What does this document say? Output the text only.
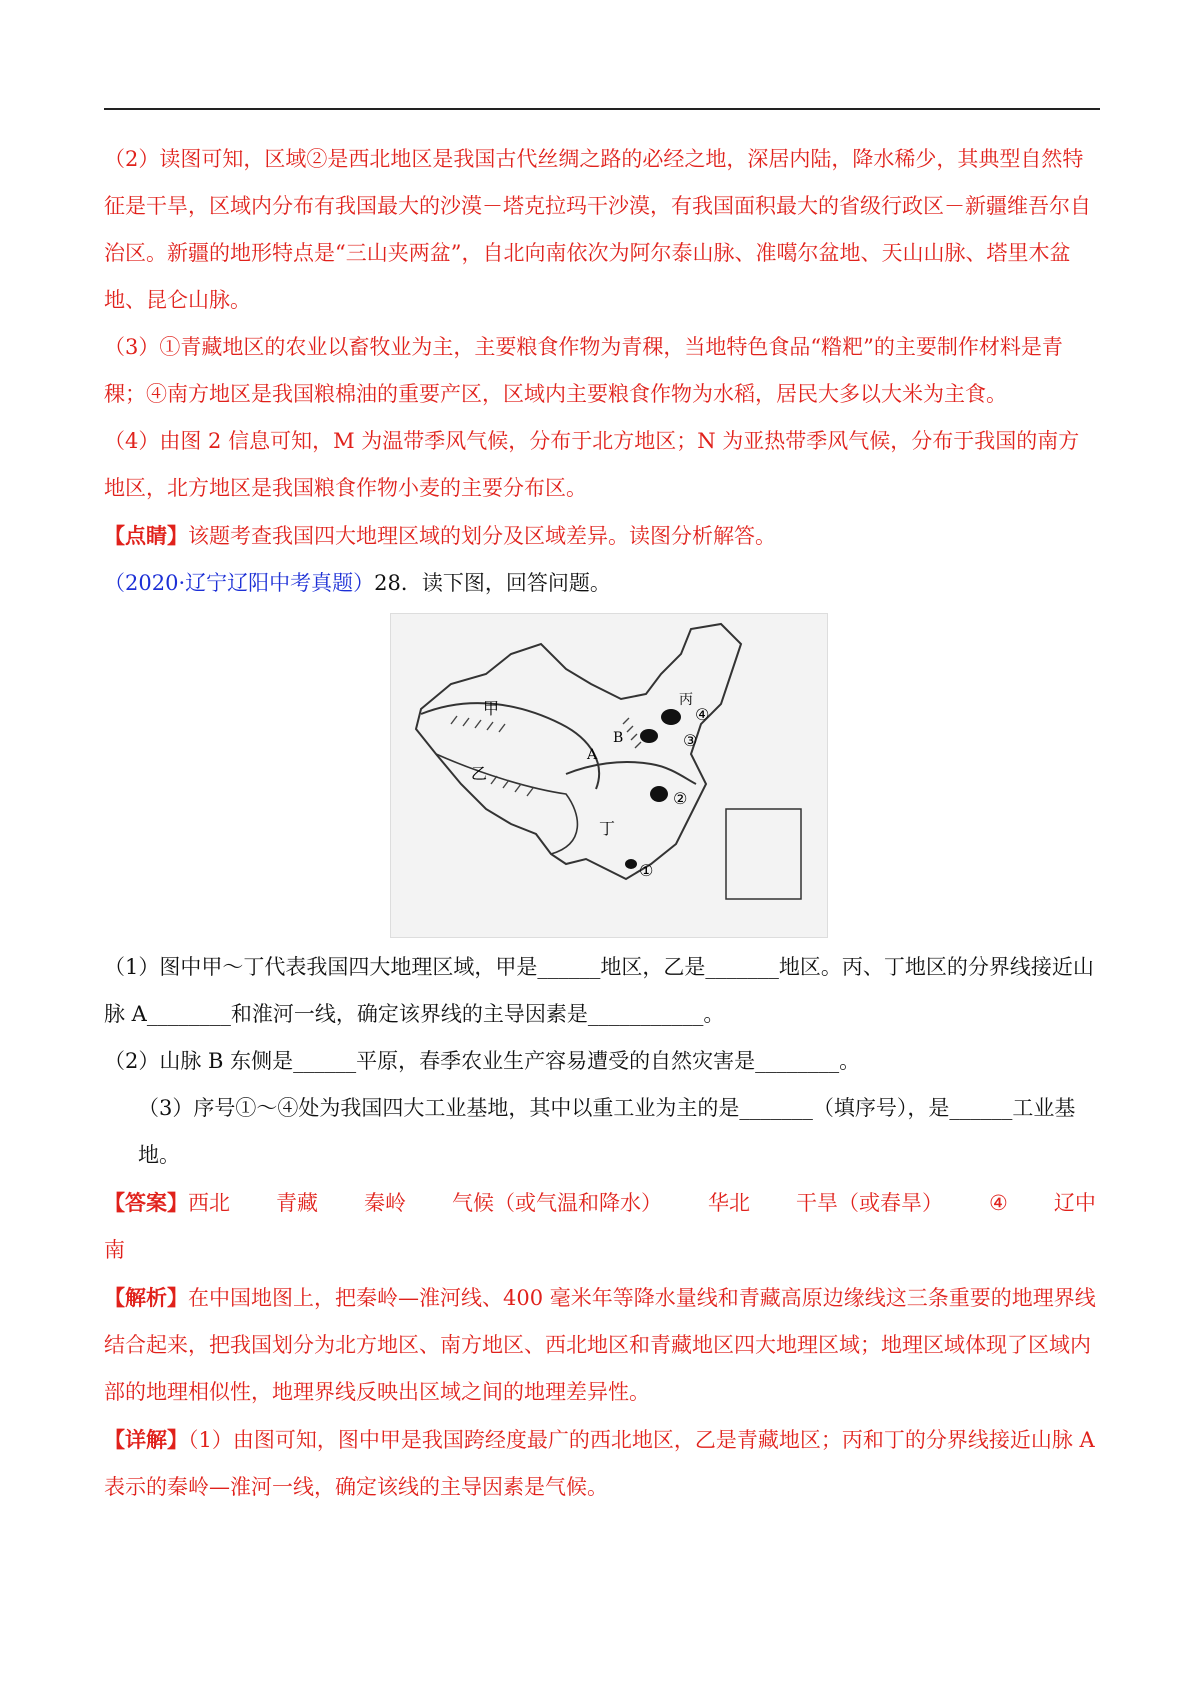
（2）读图可知，区域②是西北地区是我国古代丝绸之路的必经之地，深居内陆，降水稀少，其典型自然特征是干旱，区域内分布有我国最大的沙漠－塔克拉玛干沙漠，有我国面积最大的省级行政区－新疆维吾尔自治区。新疆的地形特点是“三山夹两盆”，自北向南依次为阿尔泰山脉、准噶尔盆地、天山山脉、塔里木盆地、昆仑山脉。

（3）①青藏地区的农业以畜牧业为主，主要粮食作物为青稞，当地特色食品“糌粑”的主要制作材料是青稞；④南方地区是我国粮棉油的重要产区，区域内主要粮食作物为水稻，居民大多以大米为主食。

（4）由图 2 信息可知，M 为温带季风气候，分布于北方地区；N 为亚热带季风气候，分布于我国的南方地区，北方地区是我国粮食作物小麦的主要分布区。

【点睛】该题考查我国四大地理区域的划分及区域差异。读图分析解答。

（2020·辽宁辽阳中考真题）28．读下图，回答问题。

甲
乙
丙
丁
A
B
①
②
③
④

（1）图中甲～丁代表我国四大地理区域，甲是______地区，乙是_______地区。丙、丁地区的分界线接近山脉 A________和淮河一线，确定该界线的主导因素是___________。

（2）山脉 B 东侧是______平原，春季农业生产容易遭受的自然灾害是________。

（3）序号①～④处为我国四大工业基地，其中以重工业为主的是_______（填序号），是______工业基地。

【答案】西北 青藏 秦岭 气候（或气温和降水） 华北 干旱（或春旱） ④ 辽中南

【解析】在中国地图上，把秦岭—淮河线、400 毫米年等降水量线和青藏高原边缘线这三条重要的地理界线结合起来，把我国划分为北方地区、南方地区、西北地区和青藏地区四大地理区域；地理区域体现了区域内部的地理相似性，地理界线反映出区域之间的地理差异性。

【详解】（1）由图可知，图中甲是我国跨经度最广的西北地区，乙是青藏地区；丙和丁的分界线接近山脉 A 表示的秦岭—淮河一线，确定该线的主导因素是气候。
